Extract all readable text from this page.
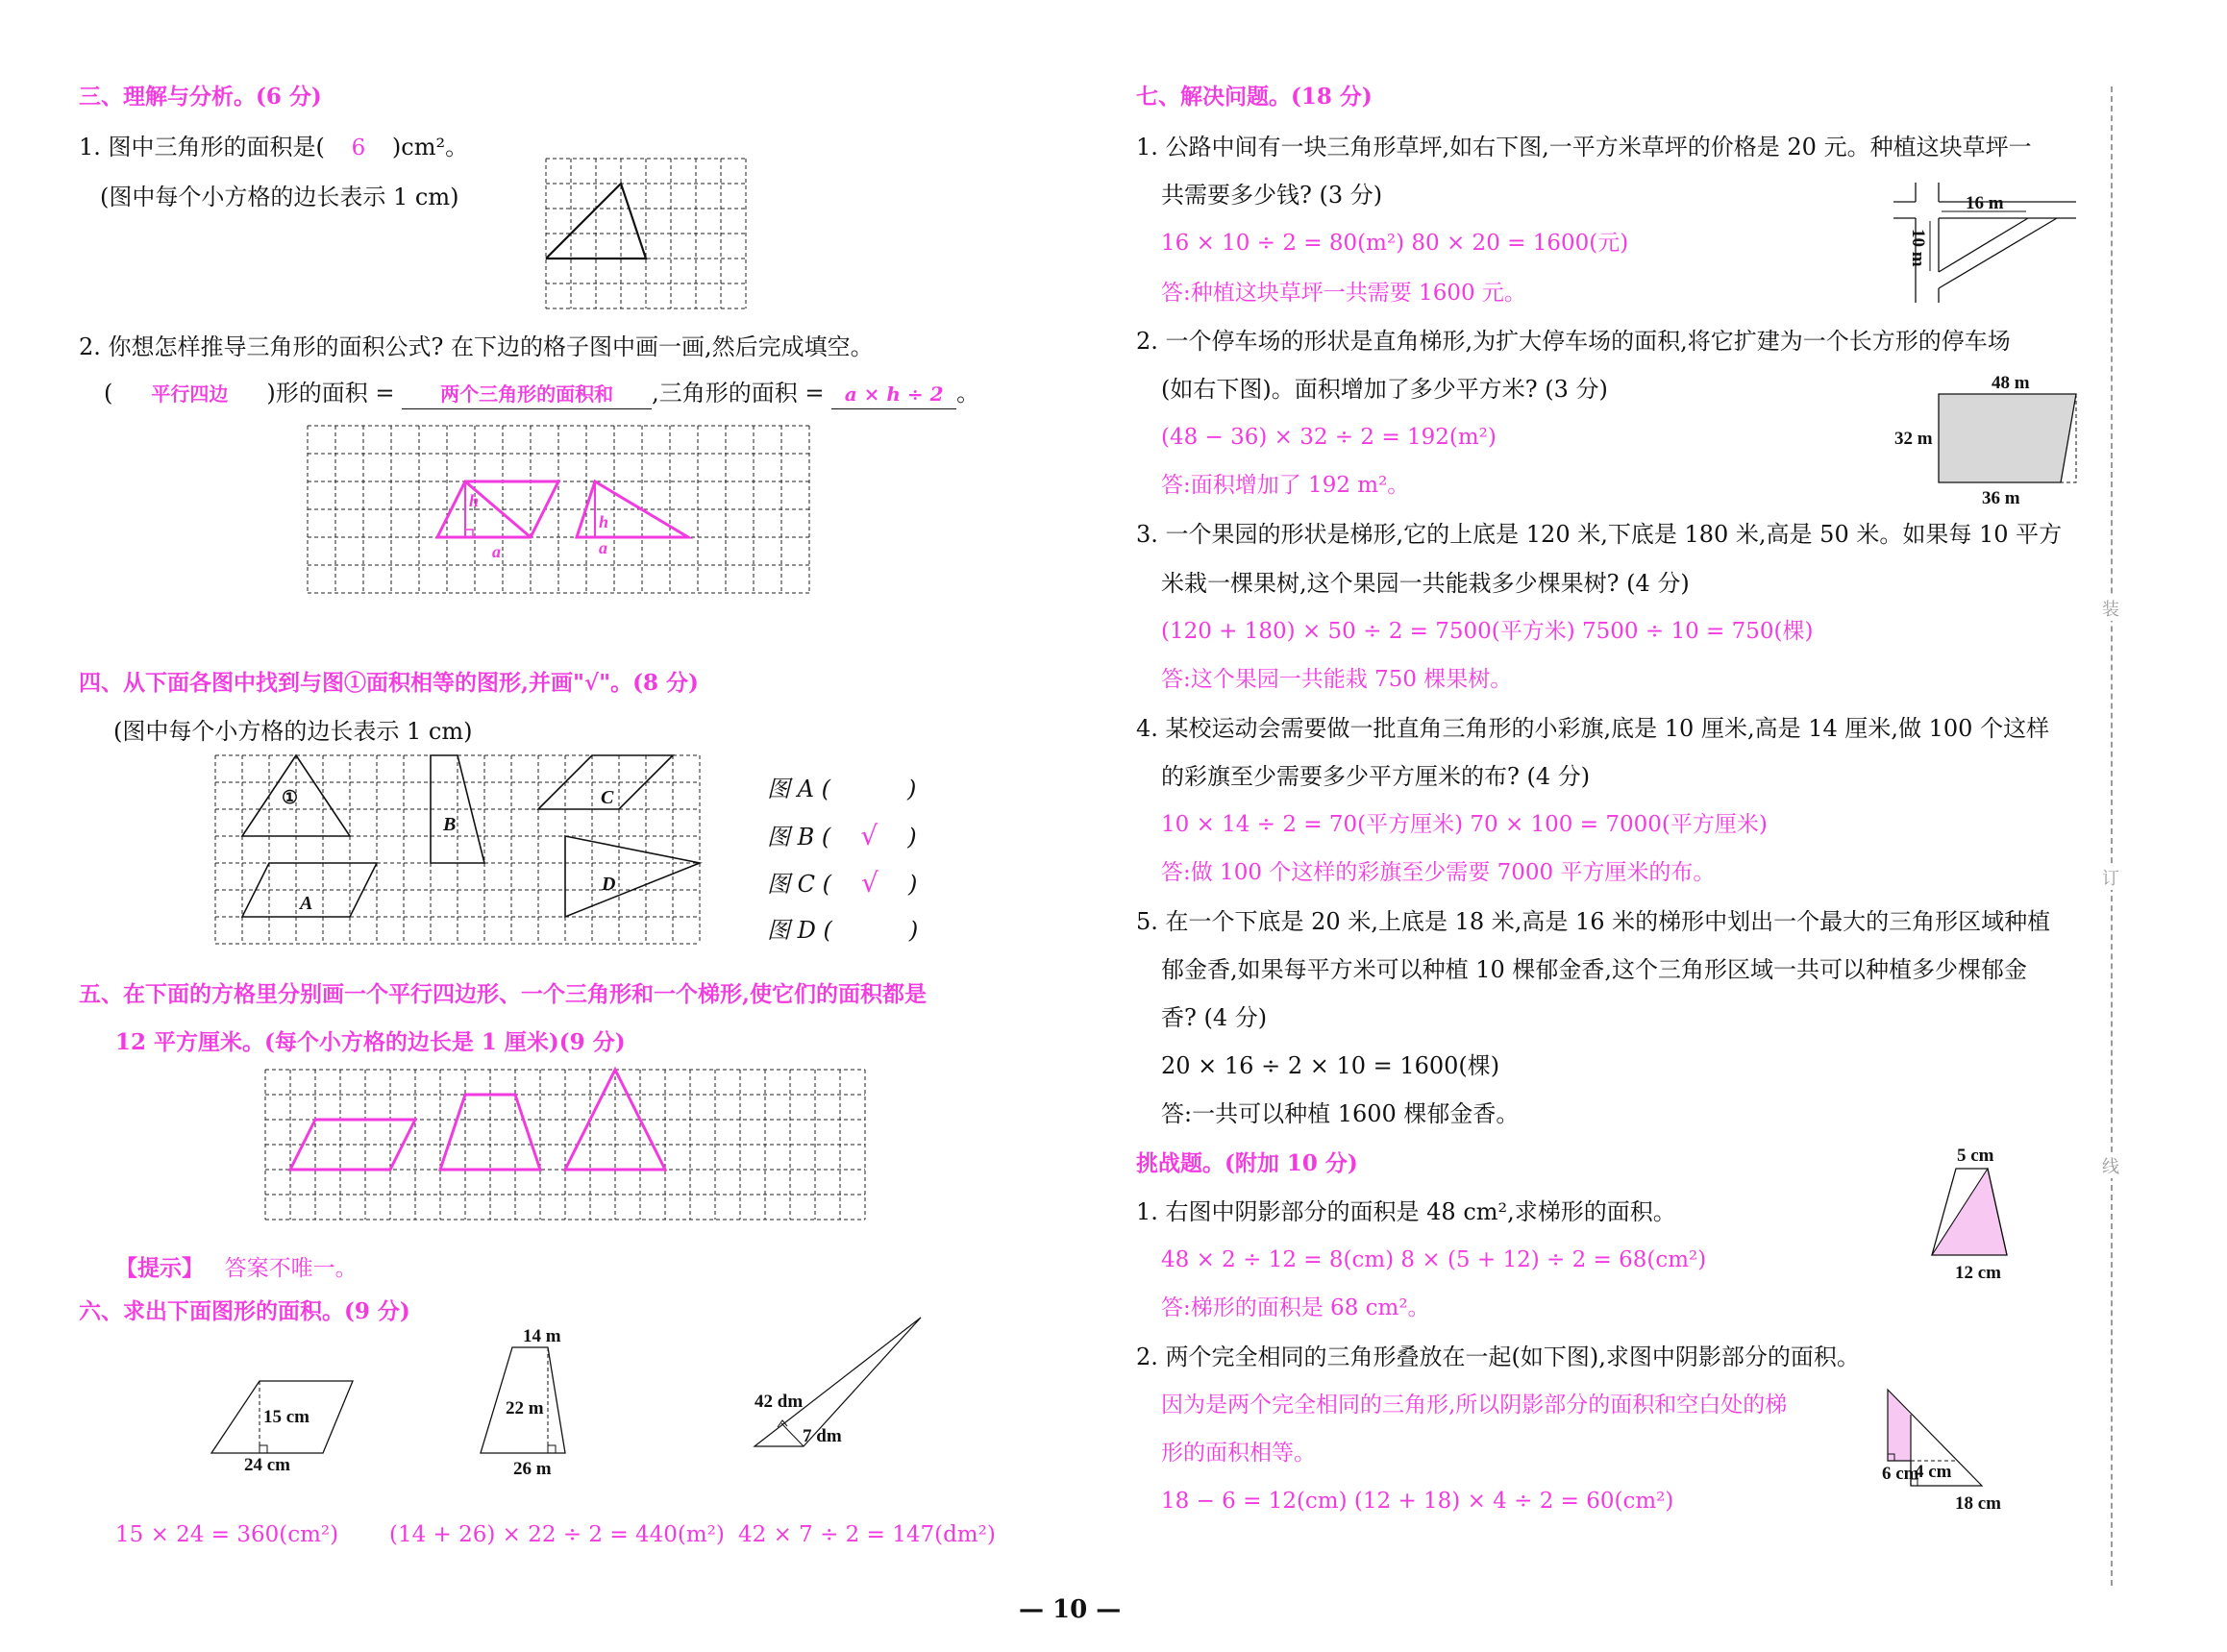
三、理解与分析。(6 分)
1. 图中三角形的面积是( 6 )cm²。
(图中每个小方格的边长表示 1 cm)
2. 你想怎样推导三角形的面积公式? 在下边的格子图中画一画,然后完成填空。
( 平行四边 )形的面积 = 两个三角形的面积和 ,三角形的面积 = a × h ÷ 2 。
h
a
h
a
四、从下面各图中找到与图①面积相等的图形,并画"√"。(8 分)
(图中每个小方格的边长表示 1 cm)
①
A
B
C
D
图 A (	)
图 B ( √ )
图 C ( √ )
图 D (	)
五、在下面的方格里分别画一个平行四边形、一个三角形和一个梯形,使它们的面积都是
12 平方厘米。(每个小方格的边长是 1 厘米)(9 分)
【提示】 答案不唯一。
六、求出下面图形的面积。(9 分)
15 cm
24 cm
14 m
22 m
26 m
42 dm
7 dm
15 × 24 = 360(cm²) (14 + 26) × 22 ÷ 2 = 440(m²) 42 × 7 ÷ 2 = 147(dm²)
七、解决问题。(18 分)
1. 公路中间有一块三角形草坪,如右下图,一平方米草坪的价格是 20 元。种植这块草坪一
共需要多少钱? (3 分)
16 × 10 ÷ 2 = 80(m²) 80 × 20 = 1600(元)
答:种植这块草坪一共需要 1600 元。
16 m
10 m
2. 一个停车场的形状是直角梯形,为扩大停车场的面积,将它扩建为一个长方形的停车场
(如右下图)。面积增加了多少平方米? (3 分)
(48 − 36) × 32 ÷ 2 = 192(m²)
答:面积增加了 192 m²。
48 m
32 m
36 m
3. 一个果园的形状是梯形,它的上底是 120 米,下底是 180 米,高是 50 米。如果每 10 平方
米栽一棵果树,这个果园一共能栽多少棵果树? (4 分)
(120 + 180) × 50 ÷ 2 = 7500(平方米) 7500 ÷ 10 = 750(棵)
答:这个果园一共能栽 750 棵果树。
4. 某校运动会需要做一批直角三角形的小彩旗,底是 10 厘米,高是 14 厘米,做 100 个这样
的彩旗至少需要多少平方厘米的布? (4 分)
10 × 14 ÷ 2 = 70(平方厘米) 70 × 100 = 7000(平方厘米)
答:做 100 个这样的彩旗至少需要 7000 平方厘米的布。
5. 在一个下底是 20 米,上底是 18 米,高是 16 米的梯形中划出一个最大的三角形区域种植
郁金香,如果每平方米可以种植 10 棵郁金香,这个三角形区域一共可以种植多少棵郁金
香? (4 分)
20 × 16 ÷ 2 × 10 = 1600(棵)
答:一共可以种植 1600 棵郁金香。
挑战题。(附加 10 分)
1. 右图中阴影部分的面积是 48 cm²,求梯形的面积。
48 × 2 ÷ 12 = 8(cm) 8 × (5 + 12) ÷ 2 = 68(cm²)
答:梯形的面积是 68 cm²。
5 cm
12 cm
2. 两个完全相同的三角形叠放在一起(如下图),求图中阴影部分的面积。
因为是两个完全相同的三角形,所以阴影部分的面积和空白处的梯
形的面积相等。
18 − 6 = 12(cm) (12 + 18) × 4 ÷ 2 = 60(cm²)
6 cm
4 cm
18 cm
装
订
线
— 10 —
